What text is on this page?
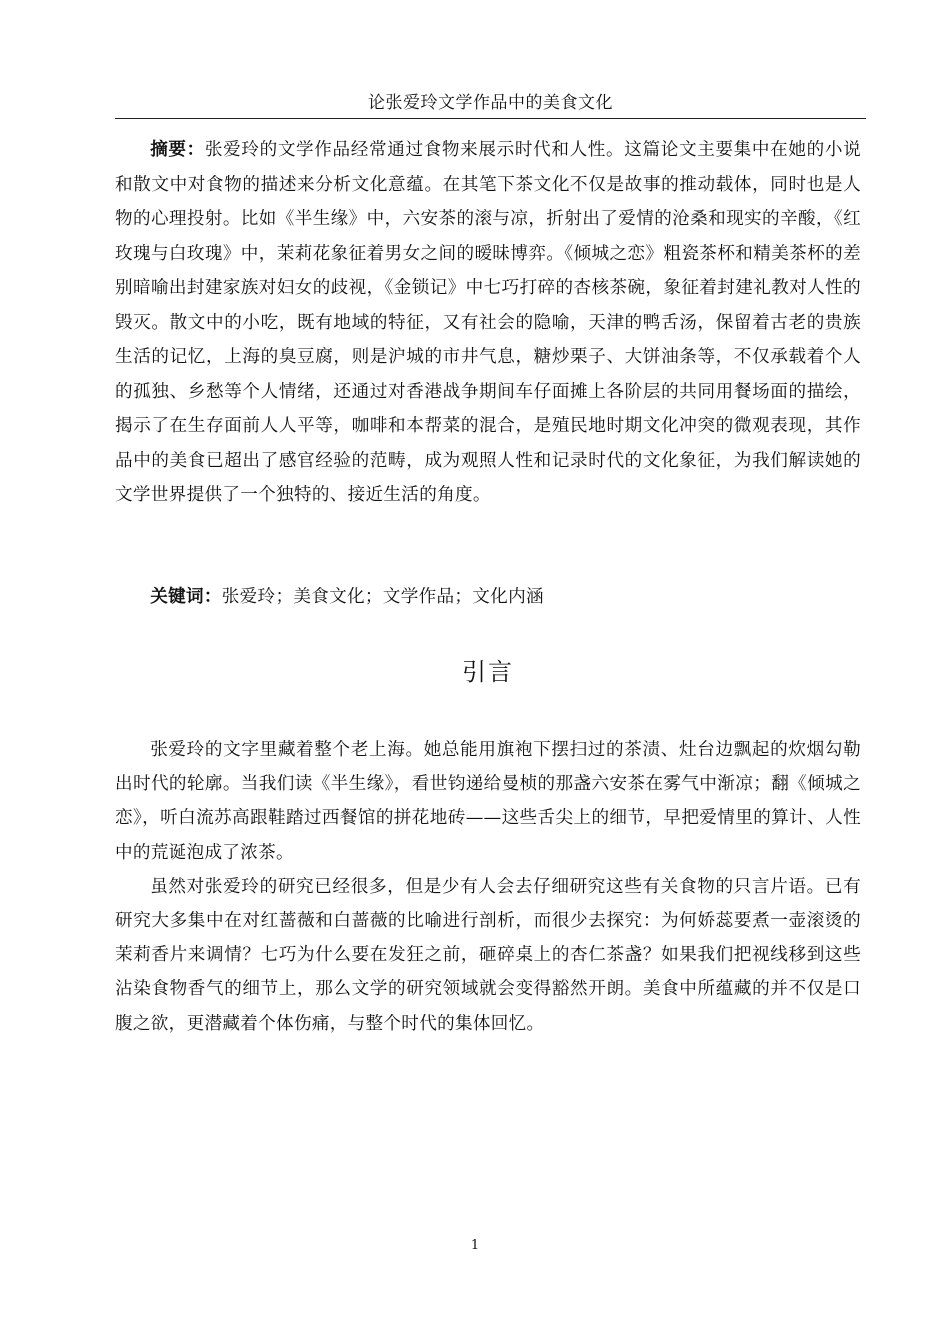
论张爱玲文学作品中的美食文化

摘要：张爱玲的文学作品经常通过食物来展示时代和人性。这篇论文主要集中在她的小说和散文中对食物的描述来分析文化意蕴。在其笔下茶文化不仅是故事的推动载体，同时也是人物的心理投射。比如《半生缘》中，六安茶的滚与凉，折射出了爱情的沧桑和现实的辛酸，《红玫瑰与白玫瑰》中，茉莉花象征着男女之间的暧昧博弈。《倾城之恋》粗瓷茶杯和精美茶杯的差别暗喻出封建家族对妇女的歧视，《金锁记》中七巧打碎的杏核茶碗，象征着封建礼教对人性的毁灭。散文中的小吃，既有地域的特征，又有社会的隐喻，天津的鸭舌汤，保留着古老的贵族生活的记忆，上海的臭豆腐，则是沪城的市井气息，糖炒栗子、大饼油条等，不仅承载着个人的孤独、乡愁等个人情绪，还通过对香港战争期间车仔面摊上各阶层的共同用餐场面的描绘，揭示了在生存面前人人平等，咖啡和本帮菜的混合，是殖民地时期文化冲突的微观表现，其作品中的美食已超出了感官经验的范畴，成为观照人性和记录时代的文化象征，为我们解读她的文学世界提供了一个独特的、接近生活的角度。

关键词：张爱玲；美食文化；文学作品；文化内涵

引言

张爱玲的文字里藏着整个老上海。她总能用旗袍下摆扫过的茶渍、灶台边飘起的炊烟勾勒出时代的轮廓。当我们读《半生缘》，看世钧递给曼桢的那盏六安茶在雾气中渐凉；翻《倾城之恋》，听白流苏高跟鞋踏过西餐馆的拼花地砖——这些舌尖上的细节，早把爱情里的算计、人性中的荒诞泡成了浓茶。

虽然对张爱玲的研究已经很多，但是少有人会去仔细研究这些有关食物的只言片语。已有研究大多集中在对红蔷薇和白蔷薇的比喻进行剖析，而很少去探究：为何娇蕊要煮一壶滚烫的茉莉香片来调情？七巧为什么要在发狂之前，砸碎桌上的杏仁茶盏？如果我们把视线移到这些沾染食物香气的细节上，那么文学的研究领域就会变得豁然开朗。美食中所蕴藏的并不仅是口腹之欲，更潜藏着个体伤痛，与整个时代的集体回忆。

1
